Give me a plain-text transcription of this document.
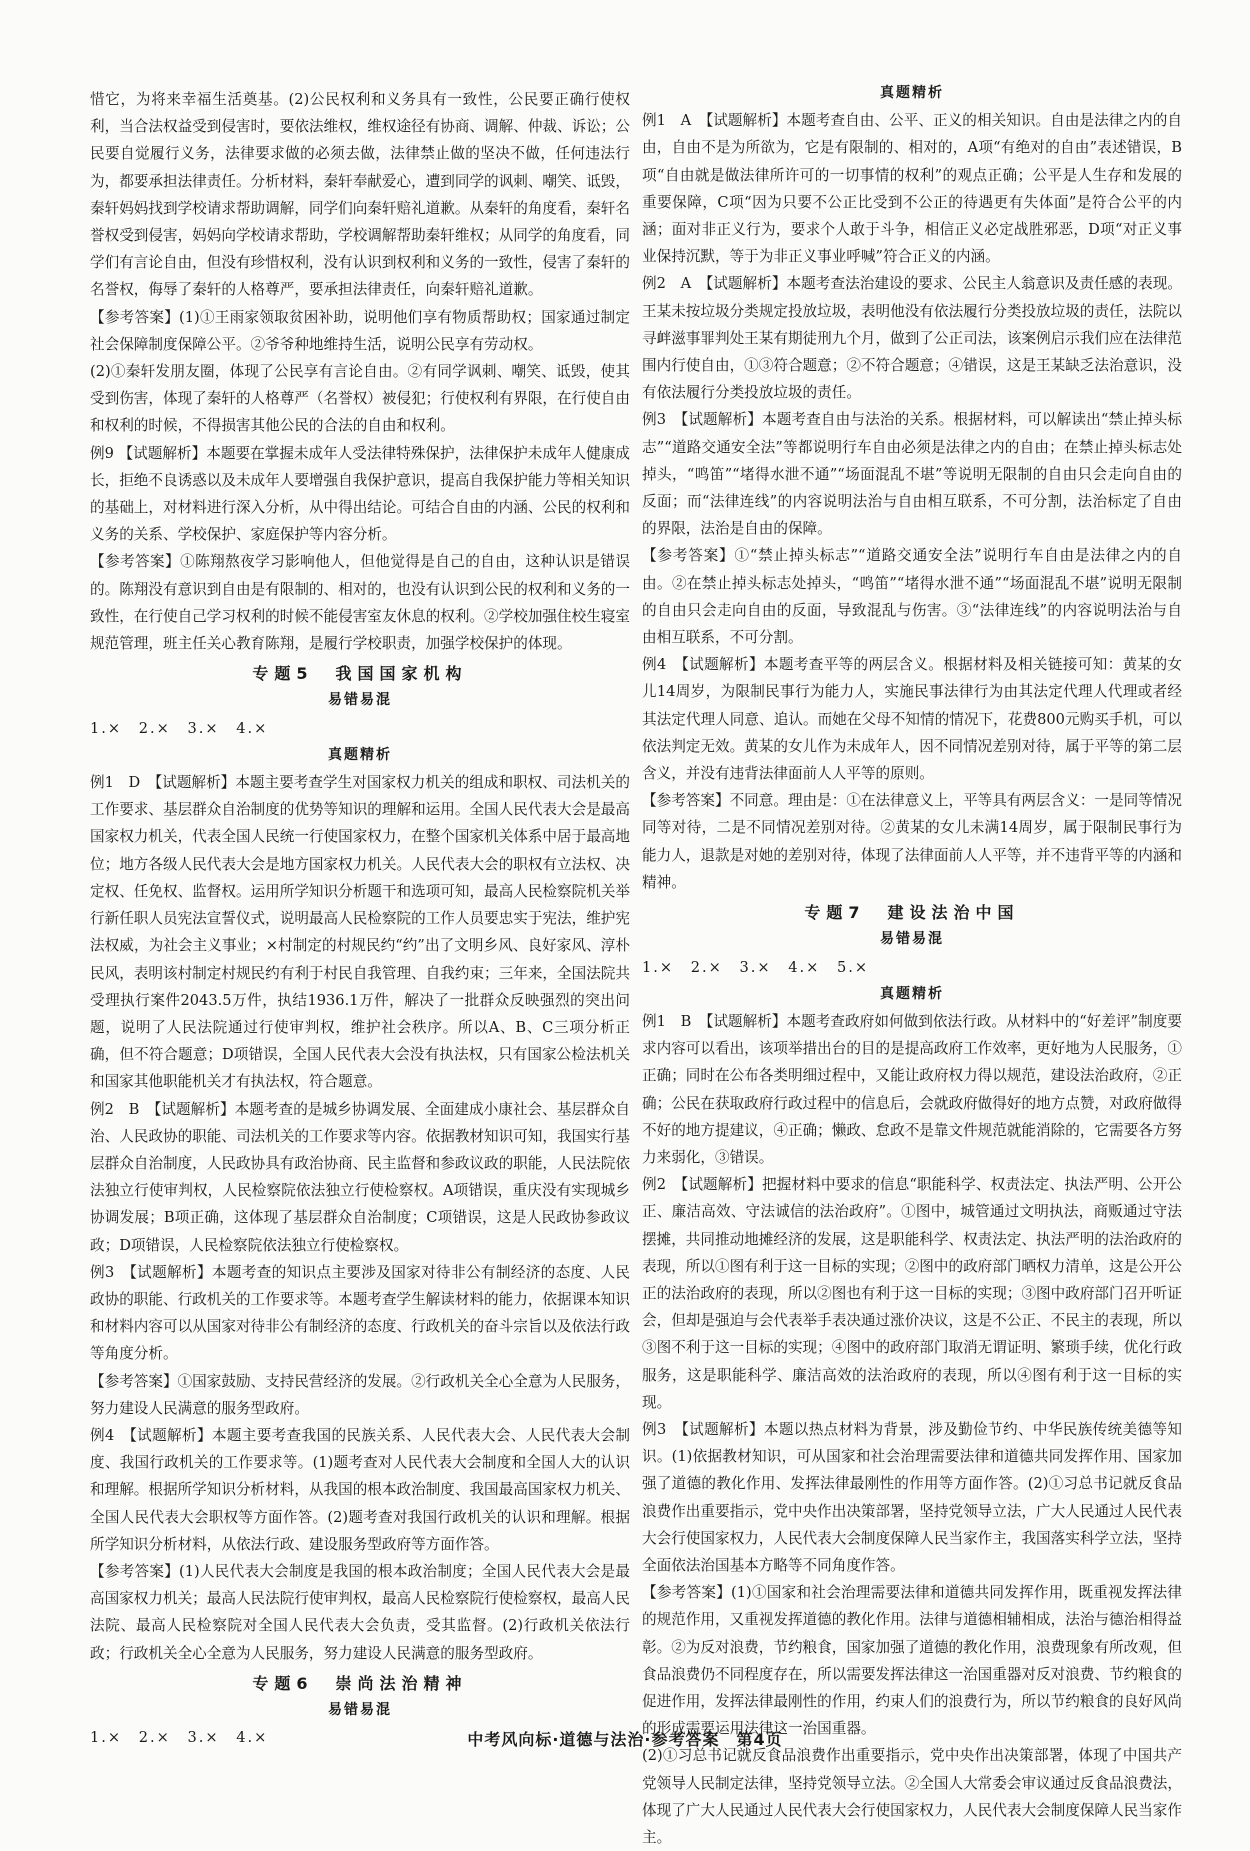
惜它，为将来幸福生活奠基。(2)公民权利和义务具有一致性，公民要正确行使权利，当合法权益受到侵害时，要依法维权，维权途径有协商、调解、仲裁、诉讼；公民要自觉履行义务，法律要求做的必须去做，法律禁止做的坚决不做，任何违法行为，都要承担法律责任。分析材料，秦轩奉献爱心，遭到同学的讽刺、嘲笑、诋毁，秦轩妈妈找到学校请求帮助调解，同学们向秦轩赔礼道歉。从秦轩的角度看，秦轩名誉权受到侵害，妈妈向学校请求帮助，学校调解帮助秦轩维权；从同学的角度看，同学们有言论自由，但没有珍惜权利，没有认识到权利和义务的一致性，侵害了秦轩的名誉权，侮辱了秦轩的人格尊严，要承担法律责任，向秦轩赔礼道歉。

【参考答案】(1)①王雨家领取贫困补助，说明他们享有物质帮助权；国家通过制定社会保障制度保障公平。②爷爷种地维持生活，说明公民享有劳动权。

(2)①秦轩发朋友圈，体现了公民享有言论自由。②有同学讽刺、嘲笑、诋毁，使其受到伤害，体现了秦轩的人格尊严（名誉权）被侵犯；行使权利有界限，在行使自由和权利的时候，不得损害其他公民的合法的自由和权利。

例9 【试题解析】本题要在掌握未成年人受法律特殊保护，法律保护未成年人健康成长，拒绝不良诱惑以及未成年人要增强自我保护意识，提高自我保护能力等相关知识的基础上，对材料进行深入分析，从中得出结论。可结合自由的内涵、公民的权利和义务的关系、学校保护、家庭保护等内容分析。

【参考答案】①陈翔熬夜学习影响他人，但他觉得是自己的自由，这种认识是错误的。陈翔没有意识到自由是有限制的、相对的，也没有认识到公民的权利和义务的一致性，在行使自己学习权利的时候不能侵害室友休息的权利。②学校加强住校生寝室规范管理，班主任关心教育陈翔，是履行学校职责，加强学校保护的体现。

专题5　我国国家机构

易错易混

1.×　2.×　3.×　4.×

真题精析

例1　D　【试题解析】本题主要考查学生对国家权力机关的组成和职权、司法机关的工作要求、基层群众自治制度的优势等知识的理解和运用。全国人民代表大会是最高国家权力机关，代表全国人民统一行使国家权力，在整个国家机关体系中居于最高地位；地方各级人民代表大会是地方国家权力机关。人民代表大会的职权有立法权、决定权、任免权、监督权。运用所学知识分析题干和选项可知，最高人民检察院机关举行新任职人员宪法宣誓仪式，说明最高人民检察院的工作人员要忠实于宪法，维护宪法权威，为社会主义事业；×村制定的村规民约“约”出了文明乡风、良好家风、淳朴民风，表明该村制定村规民约有利于村民自我管理、自我约束；三年来，全国法院共受理执行案件2043.5万件，执结1936.1万件，解决了一批群众反映强烈的突出问题，说明了人民法院通过行使审判权，维护社会秩序。所以A、B、C三项分析正确，但不符合题意；D项错误，全国人民代表大会没有执法权，只有国家公检法机关和国家其他职能机关才有执法权，符合题意。

例2　B　【试题解析】本题考查的是城乡协调发展、全面建成小康社会、基层群众自治、人民政协的职能、司法机关的工作要求等内容。依据教材知识可知，我国实行基层群众自治制度，人民政协具有政治协商、民主监督和参政议政的职能，人民法院依法独立行使审判权，人民检察院依法独立行使检察权。A项错误，重庆没有实现城乡协调发展；B项正确，这体现了基层群众自治制度；C项错误，这是人民政协参政议政；D项错误，人民检察院依法独立行使检察权。

例3　【试题解析】本题考查的知识点主要涉及国家对待非公有制经济的态度、人民政协的职能、行政机关的工作要求等。本题考查学生解读材料的能力，依据课本知识和材料内容可以从国家对待非公有制经济的态度、行政机关的奋斗宗旨以及依法行政等角度分析。

【参考答案】①国家鼓励、支持民营经济的发展。②行政机关全心全意为人民服务，努力建设人民满意的服务型政府。

例4　【试题解析】本题主要考查我国的民族关系、人民代表大会、人民代表大会制度、我国行政机关的工作要求等。(1)题考查对人民代表大会制度和全国人大的认识和理解。根据所学知识分析材料，从我国的根本政治制度、我国最高国家权力机关、全国人民代表大会职权等方面作答。(2)题考查对我国行政机关的认识和理解。根据所学知识分析材料，从依法行政、建设服务型政府等方面作答。

【参考答案】(1)人民代表大会制度是我国的根本政治制度；全国人民代表大会是最高国家权力机关；最高人民法院行使审判权，最高人民检察院行使检察权，最高人民法院、最高人民检察院对全国人民代表大会负责，受其监督。(2)行政机关依法行政；行政机关全心全意为人民服务，努力建设人民满意的服务型政府。

专题6　崇尚法治精神

易错易混

1.×　2.×　3.×　4.×

真题精析

例1　A　【试题解析】本题考查自由、公平、正义的相关知识。自由是法律之内的自由，自由不是为所欲为，它是有限制的、相对的，A项“有绝对的自由”表述错误，B项“自由就是做法律所许可的一切事情的权利”的观点正确；公平是人生存和发展的重要保障，C项“因为只要不公正比受到不公正的待遇更有失体面”是符合公平的内涵；面对非正义行为，要求个人敢于斗争，相信正义必定战胜邪恶，D项“对正义事业保持沉默，等于为非正义事业呼喊”符合正义的内涵。

例2　A　【试题解析】本题考查法治建设的要求、公民主人翁意识及责任感的表现。王某未按垃圾分类规定投放垃圾，表明他没有依法履行分类投放垃圾的责任，法院以寻衅滋事罪判处王某有期徒刑九个月，做到了公正司法，该案例启示我们应在法律范围内行使自由，①③符合题意；②不符合题意；④错误，这是王某缺乏法治意识，没有依法履行分类投放垃圾的责任。

例3　【试题解析】本题考查自由与法治的关系。根据材料，可以解读出“禁止掉头标志”“道路交通安全法”等都说明行车自由必须是法律之内的自由；在禁止掉头标志处掉头，“鸣笛”“堵得水泄不通”“场面混乱不堪”等说明无限制的自由只会走向自由的反面；而“法律连线”的内容说明法治与自由相互联系，不可分割，法治标定了自由的界限，法治是自由的保障。

【参考答案】①“禁止掉头标志”“道路交通安全法”说明行车自由是法律之内的自由。②在禁止掉头标志处掉头，“鸣笛”“堵得水泄不通”“场面混乱不堪”说明无限制的自由只会走向自由的反面，导致混乱与伤害。③“法律连线”的内容说明法治与自由相互联系，不可分割。

例4　【试题解析】本题考查平等的两层含义。根据材料及相关链接可知：黄某的女儿14周岁，为限制民事行为能力人，实施民事法律行为由其法定代理人代理或者经其法定代理人同意、追认。而她在父母不知情的情况下，花费800元购买手机，可以依法判定无效。黄某的女儿作为未成年人，因不同情况差别对待，属于平等的第二层含义，并没有违背法律面前人人平等的原则。

【参考答案】不同意。理由是：①在法律意义上，平等具有两层含义：一是同等情况同等对待，二是不同情况差别对待。②黄某的女儿未满14周岁，属于限制民事行为能力人，退款是对她的差别对待，体现了法律面前人人平等，并不违背平等的内涵和精神。

专题7　建设法治中国

易错易混

1.×　2.×　3.×　4.×　5.×

真题精析

例1　B　【试题解析】本题考查政府如何做到依法行政。从材料中的“好差评”制度要求内容可以看出，该项举措出台的目的是提高政府工作效率，更好地为人民服务，①正确；同时在公布各类明细过程中，又能让政府权力得以规范，建设法治政府，②正确；公民在获取政府行政过程中的信息后，会就政府做得好的地方点赞，对政府做得不好的地方提建议，④正确；懒政、怠政不是靠文件规范就能消除的，它需要各方努力来弱化，③错误。

例2　【试题解析】把握材料中要求的信息“职能科学、权责法定、执法严明、公开公正、廉洁高效、守法诚信的法治政府”。①图中，城管通过文明执法，商贩通过守法摆摊，共同推动地摊经济的发展，这是职能科学、权责法定、执法严明的法治政府的表现，所以①图有利于这一目标的实现；②图中的政府部门晒权力清单，这是公开公正的法治政府的表现，所以②图也有利于这一目标的实现；③图中政府部门召开听证会，但却是强迫与会代表举手表决通过涨价决议，这是不公正、不民主的表现，所以③图不利于这一目标的实现；④图中的政府部门取消无谓证明、繁琐手续，优化行政服务，这是职能科学、廉洁高效的法治政府的表现，所以④图有利于这一目标的实现。

例3　【试题解析】本题以热点材料为背景，涉及勤俭节约、中华民族传统美德等知识。(1)依据教材知识，可从国家和社会治理需要法律和道德共同发挥作用、国家加强了道德的教化作用、发挥法律最刚性的作用等方面作答。(2)①习总书记就反食品浪费作出重要指示，党中央作出决策部署，坚持党领导立法，广大人民通过人民代表大会行使国家权力，人民代表大会制度保障人民当家作主，我国落实科学立法，坚持全面依法治国基本方略等不同角度作答。

【参考答案】(1)①国家和社会治理需要法律和道德共同发挥作用，既重视发挥法律的规范作用，又重视发挥道德的教化作用。法律与道德相辅相成，法治与德治相得益彰。②为反对浪费，节约粮食，国家加强了道德的教化作用，浪费现象有所改观，但食品浪费仍不同程度存在，所以需要发挥法律这一治国重器对反对浪费、节约粮食的促进作用，发挥法律最刚性的作用，约束人们的浪费行为，所以节约粮食的良好风尚的形成需要运用法律这一治国重器。

(2)①习总书记就反食品浪费作出重要指示，党中央作出决策部署，体现了中国共产党领导人民制定法律，坚持党领导立法。②全国人大常委会审议通过反食品浪费法，体现了广大人民通过人民代表大会行使国家权力，人民代表大会制度保障人民当家作主。

中考风向标·道德与法治·参考答案　第4页
